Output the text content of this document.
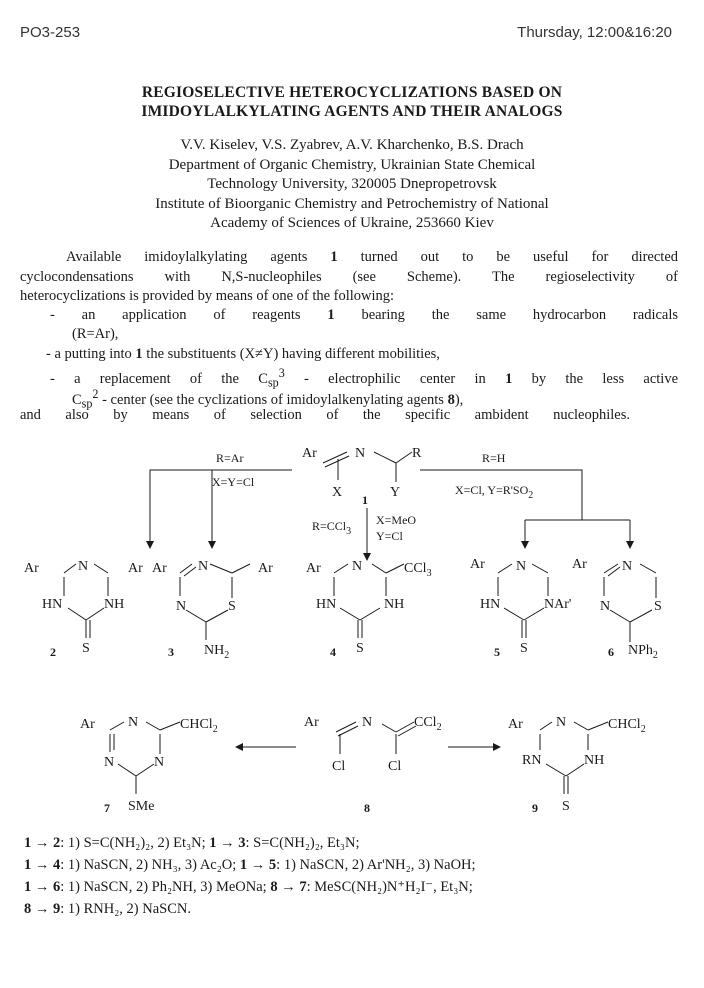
PO3-253	Thursday, 12:00&16:20
REGIOSELECTIVE HETEROCYCLIZATIONS BASED ON
IMIDOYLALKYLATING AGENTS AND THEIR ANALOGS
V.V. Kiselev, V.S. Zyabrev, A.V. Kharchenko, B.S. Drach
Department of Organic Chemistry, Ukrainian State Chemical
Technology University, 320005 Dnepropetrovsk
Institute of Bioorganic Chemistry and Petrochemistry of National
Academy of Sciences of Ukraine, 253660 Kiev
Available imidoylalkylating agents 1 turned out to be useful for directed
cyclocondensations with N,S-nucleophiles (see Scheme). The regioselectivity of
heterocyclizations is provided by means of one of the following:
- an application of reagents 1 bearing the same hydrocarbon radicals
(R=Ar),
- a putting into 1 the substituents (X≠Y) having different mobilities,
- a replacement of the $C_{sp}^3$ - electrophilic center in 1 by the less active
$C_{sp}^2$ - center (see the cyclizations of imidoylalkenylating agents 8),
and also by means of selection of the specific ambident nucleophiles.
Ar	N	R
X	Y
1
R=Ar
X=Y=Cl
R=H
X=Cl, $Y=R'SO_2$
R=CCl$_3$
X=MeO
Y=Cl
Ar	N	Ar
HN	NH
S
2
Ar N	Ar
N	S
$NH_2$
3
Ar N	CCl$_3$
HN	NH
S
4
Ar N
HN	NAr'
S
5
Ar	N
N	S
NPh$_2$
6
Ar N	CHCl$_2$
N	N
SMe
7
Ar	N	CCl$_2$
Cl	Cl
8
Ar N	CHCl$_2$
RN	NH
S
9
1 → 2: 1) S=C(NH₂)₂, 2) Et₃N; 1 → 3: S=C(NH₂)₂, Et₃N;
1 → 4: 1) NaSCN, 2) NH₃, 3) Ac₂O; 1 → 5: 1) NaSCN, 2) Ar'NH₂, 3) NaOH;
1 → 6: 1) NaSCN, 2) Ph₂NH, 3) MeONa; 8 → 7: MeSC(NH₂)N⁺H₂I⁻, Et₃N;
8 → 9: 1) RNH₂, 2) NaSCN.
